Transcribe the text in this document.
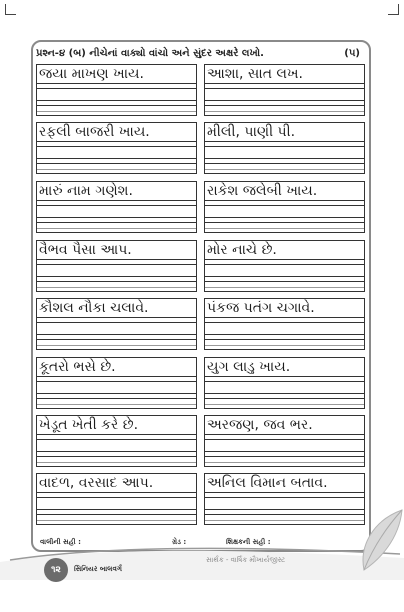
પ્રશ્ન-૪ (બ) નીચેનાં વાક્યો વાંચો અને સુંદર અક્ષરે લખો.	(૫)
જયા માખણ ખાય.	આશા, સાત લખ.
રફલી બાજરી ખાય.	મીલી, પાણી પી.
મારું નામ ગણેશ.	રાકેશ જલેબી ખાય.
વૈભવ પૈસા આપ.	મોર નાચે છે.
કૌશલ નૌકા ચલાવે.	પંકજ પતંગ ચગાવે.
કૂતરો ભસે છે.	યુગ લાડુ ખાય.
ખેડૂત ખેતી કરે છે.	અરજણ, જવ ભર.
વાદળ, વરસાદ આપ.	અનિલ વિમાન બતાવ.
વાલીની સહી :	ગ્રેડ :	શિક્ષકની સહી :
૧૨	સિનિયર બાલવર્ગ
સાર્થક - વાર્ષિક મૌખાર્યજીસ્ટ
